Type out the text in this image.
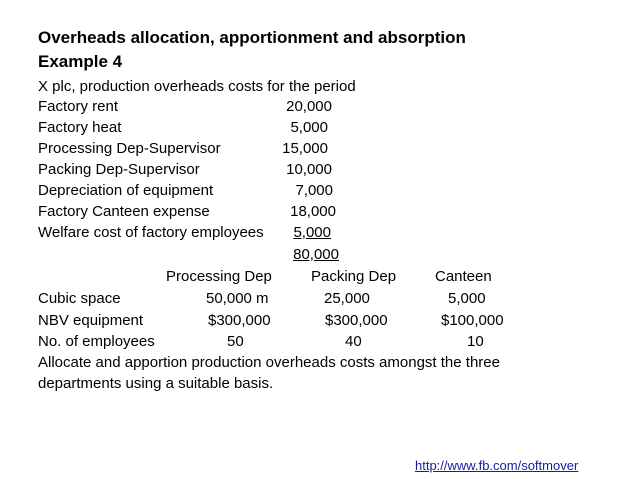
Overheads allocation, apportionment and absorption
Example 4
X plc, production overheads costs for the period
Factory rent	20,000
Factory heat	5,000
Processing Dep-Supervisor	15,000
Packing Dep-Supervisor	10,000
Depreciation of equipment	7,000
Factory Canteen expense	18,000
Welfare cost of factory employees	5,000
80,000
Processing Dep	Packing Dep	Canteen
Cubic space	50,000 m	25,000	5,000
NBV equipment	$300,000	$300,000	$100,000
No. of employees	50	40	10
Allocate and apportion production overheads costs amongst the three
departments using a suitable basis.
http://www.fb.com/softmover
